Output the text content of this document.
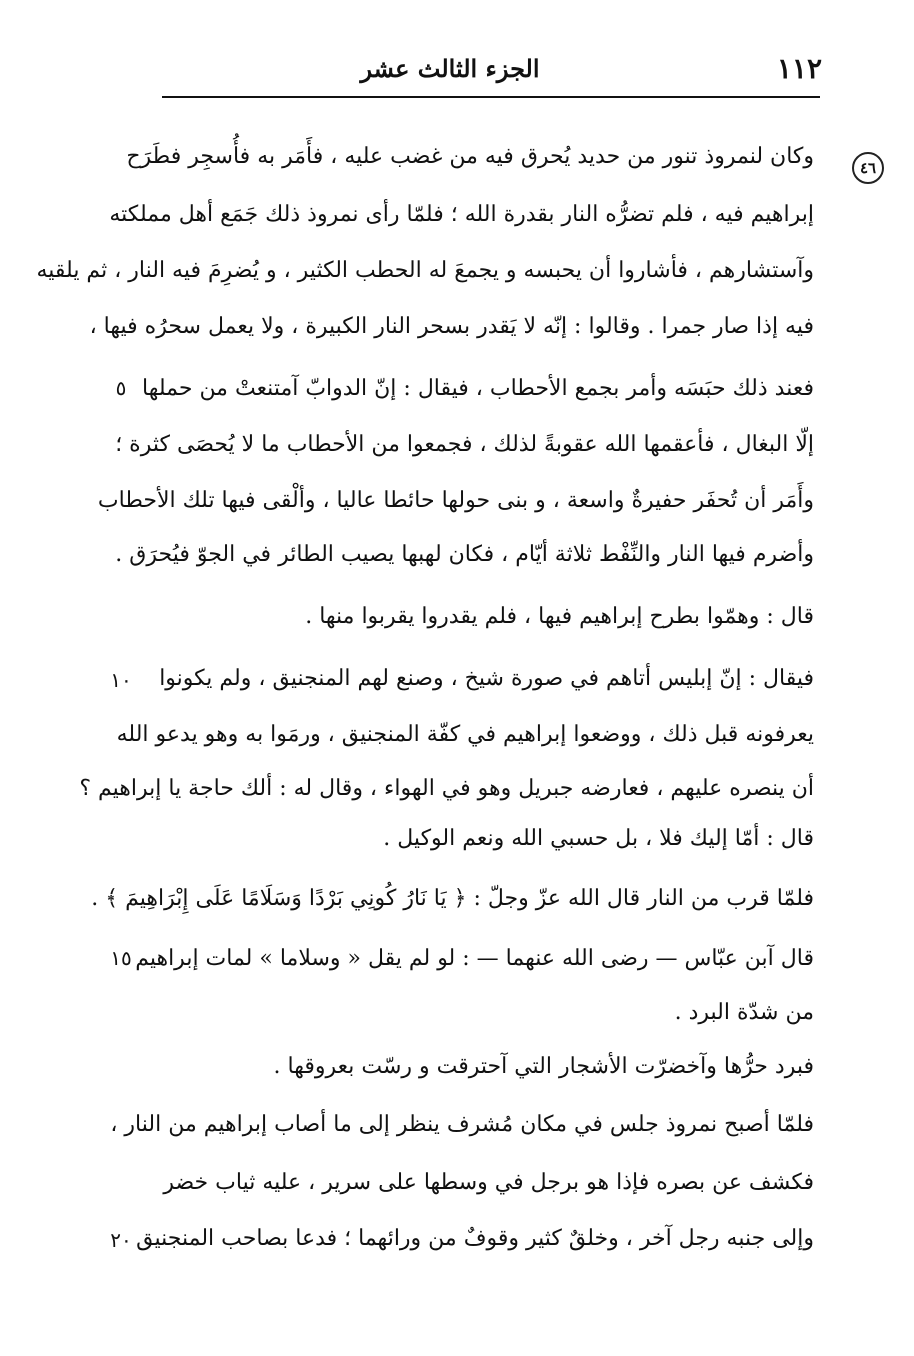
١١٢
الجزء الثالث عشر
٤٦
وكان لنمروذ تنور من حديد يُحرق فيه من غضب عليه ، فأَمَر به فأُسجِر فطَرَح
إبراهيم فيه ، فلم تضرُّه النار بقدرة الله ؛ فلمّا رأى نمروذ ذلك جَمَع أهل مملكته
وآستشارهم ، فأشاروا أن يحبسه و يجمعَ له الحطب الكثير ، و يُضرِمَ فيه النار ، ثم يلقيه
فيه إذا صار جمرا . وقالوا : إنّه لا يَقدر بسحر النار الكبيرة ، ولا يعمل سحرُه فيها ،
فعند ذلك حبَسَه وأمر بجمع الأحطاب ، فيقال : إنّ الدوابّ آمتنعتْ من حملها
إلّا البغال ، فأعقمها الله عقوبةً لذلك ، فجمعوا من الأحطاب ما لا يُحصَى كثرة ؛
وأَمَر أن تُحفَر حفيرةٌ واسعة ، و بنى حولها حائطا عاليا ، وألْقى فيها تلك الأحطاب
وأضرم فيها النار والنِّفْط ثلاثة أيّام ، فكان لهبها يصيب الطائر في الجوّ فيُحرَق .
قال : وهمّوا بطرح إبراهيم فيها ، فلم يقدروا يقربوا منها .
فيقال : إنّ إبليس أتاهم في صورة شيخ ، وصنع لهم المنجنيق ، ولم يكونوا
يعرفونه قبل ذلك ، ووضعوا إبراهيم في كفّة المنجنيق ، ورمَوا به وهو يدعو الله
أن ينصره عليهم ، فعارضه جبريل وهو في الهواء ، وقال له : ألك حاجة يا إبراهيم ؟
قال : أمّا إليك فلا ، بل حسبي الله ونعم الوكيل .
فلمّا قرب من النار قال الله عزّ وجلّ : ﴿ يَا نَارُ كُونِي بَرْدًا وَسَلَامًا عَلَى إِبْرَاهِيمَ ﴾ .
قال آبن عبّاس — رضى الله عنهما — : لو لم يقل « وسلاما » لمات إبراهيم
من شدّة البرد .
فبرد حرُّها وآخضرّت الأشجار التي آحترقت و رسّت بعروقها .
فلمّا أصبح نمروذ جلس في مكان مُشرف ينظر إلى ما أصاب إبراهيم من النار ،
فكشف عن بصره فإذا هو برجل في وسطها على سرير ، عليه ثياب خضر
وإلى جنبه رجل آخر ، وخلقٌ كثير وقوفٌ من ورائهما ؛ فدعا بصاحب المنجنيق
٥
١٠
١٥
٢٠
